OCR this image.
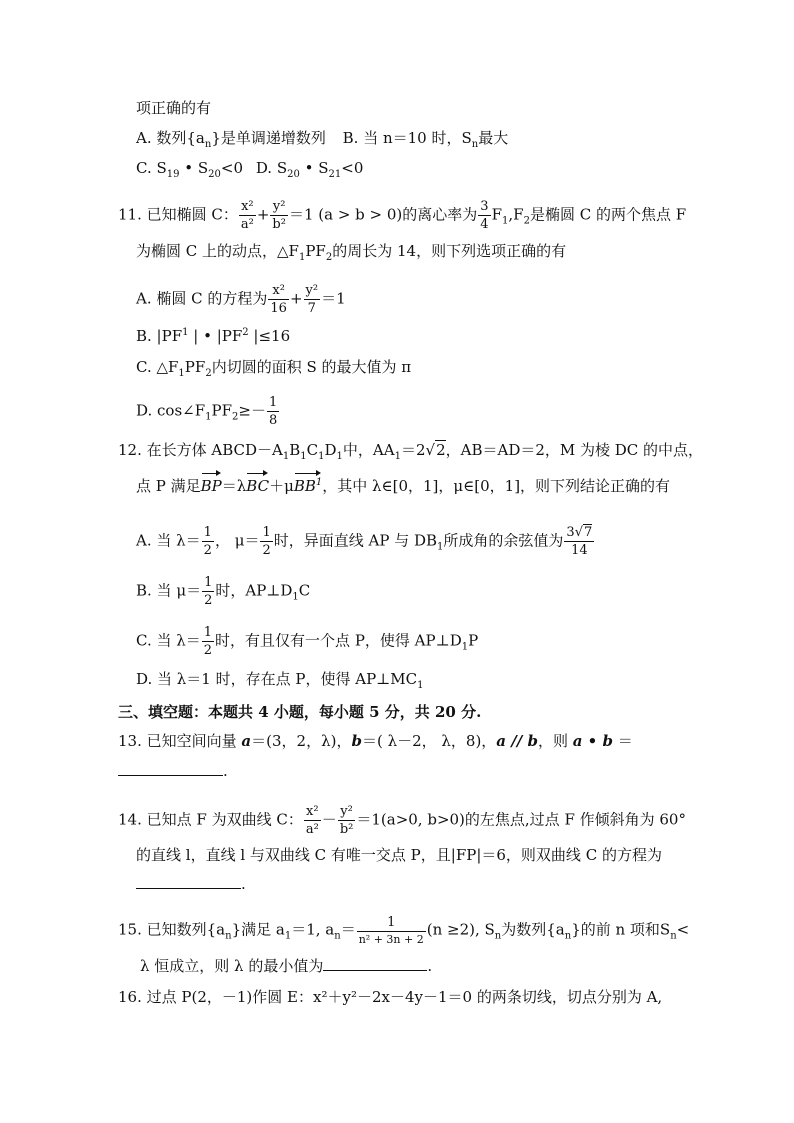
项正确的有
A. 数列$\{a_n\}$是单调递增数列 B. 当 n＝10 时，$S_n$最大
C. $S_{19}$ • $S_{20}<0$ D. $S_{20}$ • $S_{21}<0$
11. 已知椭圆 C： $\frac{\text{x²}}{\text{a²}} + \frac{\text{y²}}{\text{b²}} =1$ (a > b > 0)的离心率为 $\frac{3}{4} F_1,F_2$是椭圆 C 的两个焦点 F
为椭圆 C 上的动点，$\triangle F_1PF_2$的周长为 14，则下列选项正确的有
A. 椭圆 C 的方程为 $\frac{\text{x²}}{16} + \frac{\text{y²}}{7} =1$
B. $|PF^1$ | • $|PF^2$ |≤16
C. $\triangle F_1PF_2$内切圆的面积 S 的最大值为 π
D. $\cos\angle F_1PF_2\ge- \frac{1}{8}$
12. 在长方体 $ABCD-A_1B_1C_1D_1$中，$AA_1=2√2$，AB＝AD＝2，M 为棱 DC 的中点，
点 P 满足BP＝λBC＋μBB$^1$，其中 λ∈[0，1]，μ∈[0，1]，则下列结论正确的有
A. 当 $\lambda= \frac{1}{2}$ ， $\mu= \frac{1}{2}$ 时，异面直线 AP 与 $DB_1$所成角的余弦值为 $\frac{3√7}{14}$
B. 当 $\mu= \frac{1}{2}$ 时，$AP\perp D_1C$
C. 当 $\lambda= \frac{1}{2}$ 时，有且仅有一个点 P，使得 $AP\perp D_1P$
D. 当 λ＝1 时，存在点 P，使得 $AP\perp MC_1$
三、填空题：本题共 4 小题，每小题 5 分，共 20 分.
13. 已知空间向量 a＝(3，2，λ)，b＝( λ－2， λ，8)，a // b，则 a • b ＝
.
14. 已知点 F 为双曲线 C： $\frac{\text{x²}}{\text{a²}} - \frac{\text{y²}}{\text{b²}} =1(a>0$, b>0)的左焦点,过点 F 作倾斜角为 60°
的直线 l，直线 l 与双曲线 C 有唯一交点 P，且|FP|＝6，则双曲线 C 的方程为
.
15. 已知数列$\{a_n\}$满足 $a_1=1$, $a_n= \frac{1}{\text{n² + 3n + 2}} (n \ge 2)$, $S_n$为数列$\{a_n\}$的前 n 项和$S_n<$
λ 恒成立，则 λ 的最小值为	.
16. 过点 P(2，－1)作圆 E：x²＋y²－2x－4y－1＝0 的两条切线，切点分别为 A,
